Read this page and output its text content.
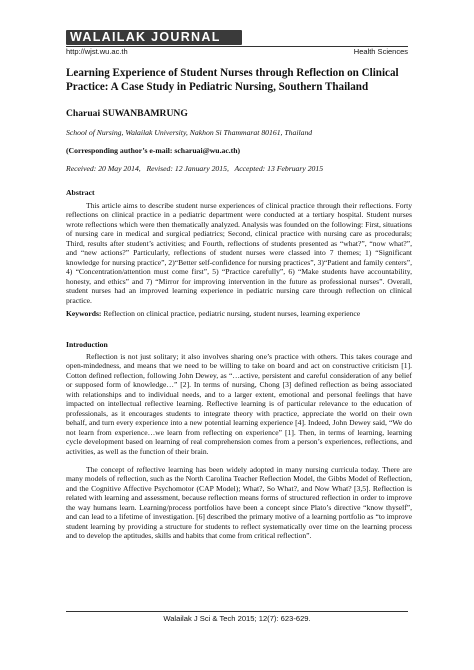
WALAILAK JOURNAL
http://wjst.wu.ac.th	Health Sciences
Learning Experience of Student Nurses through Reflection on Clinical Practice: A Case Study in Pediatric Nursing, Southern Thailand
Charuai SUWANBAMRUNG
School of Nursing, Walailak University, Nakhon Si Thammarat 80161, Thailand
(Corresponding author’s e-mail: scharuai@wu.ac.th)
Received: 20 May 2014,   Revised: 12 January 2015,   Accepted: 13 February 2015
Abstract
This article aims to describe student nurse experiences of clinical practice through their reflections. Forty reflections on clinical practice in a pediatric department were conducted at a tertiary hospital. Student nurses wrote reflections which were then thematically analyzed. Analysis was founded on the following: First, situations of nursing care in medical and surgical pediatrics; Second, clinical practice with nursing care as procedurals; Third, results after student’s activities; and Fourth, reflections of students presented as “what?”, “now what?”, and “new actions?” Particularly, reflections of student nurses were classed into 7 themes; 1) “Significant knowledge for nursing practice”, 2)“Better self-confidence for nursing practices”, 3)“Patient and family centers”, 4) “Concentration/attention must come first”, 5) “Practice carefully”, 6) “Make students have accountability, honesty, and ethics” and 7) “Mirror for improving intervention in the future as professional nurses”. Overall, student nurses had an improved learning experience in pediatric nursing care through reflection on clinical practice.
Keywords: Reflection on clinical practice, pediatric nursing, student nurses, learning experience
Introduction
Reflection is not just solitary; it also involves sharing one’s practice with others. This takes courage and open-mindedness, and means that we need to be willing to take on board and act on constructive criticism [1]. Cotton defined reflection, following John Dewey, as “…active, persistent and careful consideration of any belief or supposed form of knowledge…” [2]. In terms of nursing, Chong [3] defined reflection as being associated with relationships and to individual needs, and to a larger extent, emotional and personal feelings that have impacted on intellectual reflective learning. Reflective learning is of particular relevance to the education of professionals, as it encourages students to integrate theory with practice, appreciate the world on their own behalf, and turn every experience into a new potential learning experience [4]. Indeed, John Dewey said, “We do not learn from experience…we learn from reflecting on experience” [1]. Then, in terms of learning, learning cycle development based on learning of real comprehension comes from a person’s experiences, reflections, and activities, as well as the function of their brain.
The concept of reflective learning has been widely adopted in many nursing curricula today. There are many models of reflection, such as the North Carolina Teacher Reflection Model, the Gibbs Model of Reflection, and the Cognitive Affective Psychomotor (CAP Model); What?, So What?, and Now What? [3,5]. Reflection is related with learning and assessment, because reflection means forms of structured reflection in order to improve the way humans learn. Learning/process portfolios have been a concept since Plato’s directive “know thyself”, and can lead to a lifetime of investigation. [6] described the primary motive of a learning portfolio as “to improve student learning by providing a structure for students to reflect systematically over time on the learning process and to develop the aptitudes, skills and habits that come from critical reflection”.
Walailak J Sci & Tech 2015; 12(7): 623-629.
